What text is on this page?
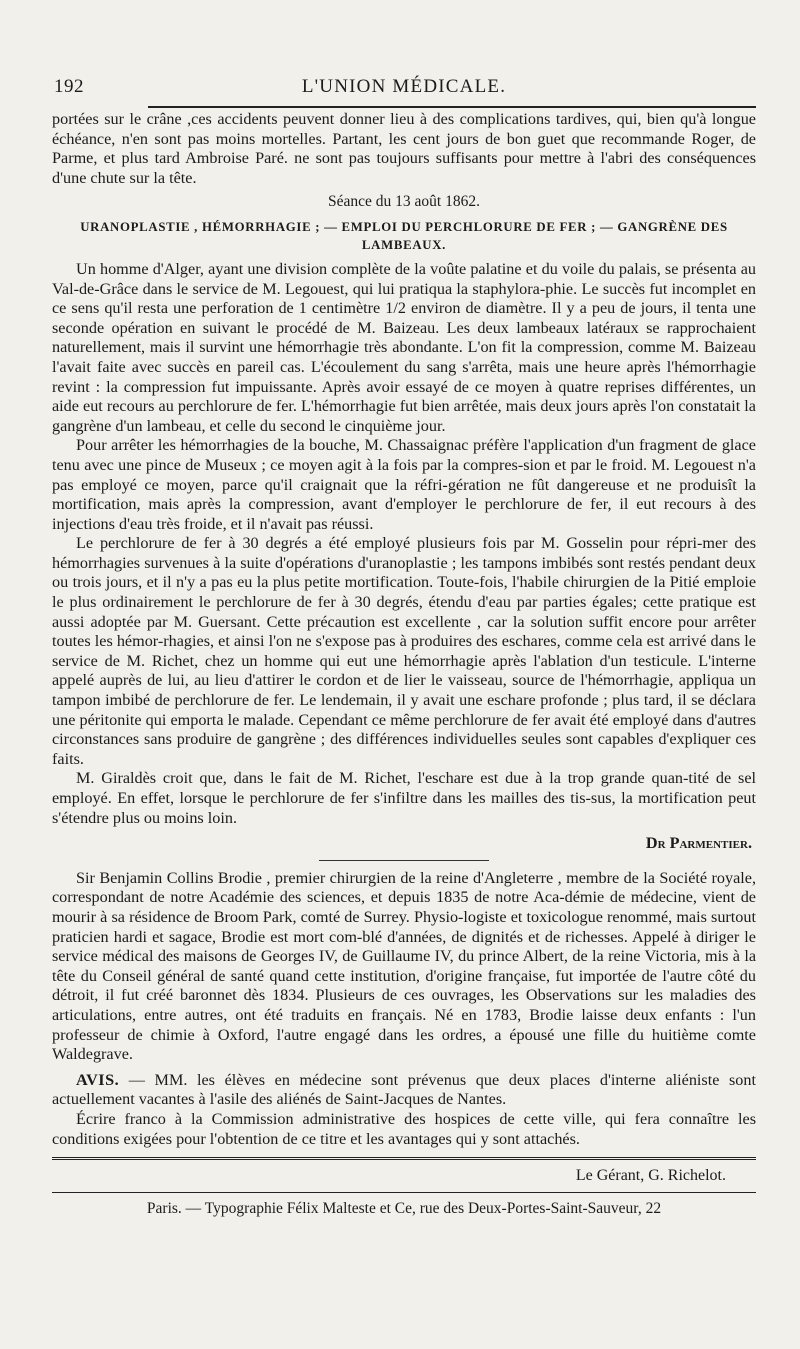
192	L'UNION MÉDICALE.

portées sur le crâne ,ces accidents peuvent donner lieu à des complications tardives, qui, bien qu'à longue échéance, n'en sont pas moins mortelles. Partant, les cent jours de bon guet que recommande Roger, de Parme, et plus tard Ambroise Paré. ne sont pas toujours suffisants pour mettre à l'abri des conséquences d'une chute sur la tête.

Séance du 13 août 1862.
URANOPLASTIE , HÉMORRHAGIE ; — EMPLOI DU PERCHLORURE DE FER ; — GANGRÈNE DES LAMBEAUX.

Un homme d'Alger, ayant une division complète de la voûte palatine et du voile du palais, se présenta au Val-de-Grâce dans le service de M. Legouest, qui lui pratiqua la staphylora-phie. Le succès fut incomplet en ce sens qu'il resta une perforation de 1 centimètre 1/2 environ de diamètre. Il y a peu de jours, il tenta une seconde opération en suivant le procédé de M. Baizeau. Les deux lambeaux latéraux se rapprochaient naturellement, mais il survint une hémorrhagie très abondante. L'on fit la compression, comme M. Baizeau l'avait faite avec succès en pareil cas. L'écoulement du sang s'arrêta, mais une heure après l'hémorrhagie revint : la compression fut impuissante. Après avoir essayé de ce moyen à quatre reprises différentes, un aide eut recours au perchlorure de fer. L'hémorrhagie fut bien arrêtée, mais deux jours après l'on constatait la gangrène d'un lambeau, et celle du second le cinquième jour.

Pour arrêter les hémorrhagies de la bouche, M. Chassaignac préfère l'application d'un fragment de glace tenu avec une pince de Museux ; ce moyen agit à la fois par la compres-sion et par le froid. M. Legouest n'a pas employé ce moyen, parce qu'il craignait que la réfri-gération ne fût dangereuse et ne produisît la mortification, mais après la compression, avant d'employer le perchlorure de fer, il eut recours à des injections d'eau très froide, et il n'avait pas réussi.

Le perchlorure de fer à 30 degrés a été employé plusieurs fois par M. Gosselin pour répri-mer des hémorrhagies survenues à la suite d'opérations d'uranoplastie ; les tampons imbibés sont restés pendant deux ou trois jours, et il n'y a pas eu la plus petite mortification. Toute-fois, l'habile chirurgien de la Pitié emploie le plus ordinairement le perchlorure de fer à 30 degrés, étendu d'eau par parties égales; cette pratique est aussi adoptée par M. Guersant. Cette précaution est excellente , car la solution suffit encore pour arrêter toutes les hémor-rhagies, et ainsi l'on ne s'expose pas à produires des eschares, comme cela est arrivé dans le service de M. Richet, chez un homme qui eut une hémorrhagie après l'ablation d'un testicule. L'interne appelé auprès de lui, au lieu d'attirer le cordon et de lier le vaisseau, source de l'hémorrhagie, appliqua un tampon imbibé de perchlorure de fer. Le lendemain, il y avait une eschare profonde ; plus tard, il se déclara une péritonite qui emporta le malade. Cependant ce même perchlorure de fer avait été employé dans d'autres circonstances sans produire de gangrène ; des différences individuelles seules sont capables d'expliquer ces faits.

M. Giraldès croit que, dans le fait de M. Richet, l'eschare est due à la trop grande quan-tité de sel employé. En effet, lorsque le perchlorure de fer s'infiltre dans les mailles des tis-sus, la mortification peut s'étendre plus ou moins loin.

Dr Parmentier.

Sir Benjamin Collins Brodie , premier chirurgien de la reine d'Angleterre , membre de la Société royale, correspondant de notre Académie des sciences, et depuis 1835 de notre Aca-démie de médecine, vient de mourir à sa résidence de Broom Park, comté de Surrey. Physio-logiste et toxicologue renommé, mais surtout praticien hardi et sagace, Brodie est mort com-blé d'années, de dignités et de richesses. Appelé à diriger le service médical des maisons de Georges IV, de Guillaume IV, du prince Albert, de la reine Victoria, mis à la tête du Conseil général de santé quand cette institution, d'origine française, fut importée de l'autre côté du détroit, il fut créé baronnet dès 1834. Plusieurs de ces ouvrages, les Observations sur les maladies des articulations, entre autres, ont été traduits en français. Né en 1783, Brodie laisse deux enfants : l'un professeur de chimie à Oxford, l'autre engagé dans les ordres, a épousé une fille du huitième comte Waldegrave.

AVIS. — MM. les élèves en médecine sont prévenus que deux places d'interne aliéniste sont actuellement vacantes à l'asile des aliénés de Saint-Jacques de Nantes.

Écrire franco à la Commission administrative des hospices de cette ville, qui fera connaître les conditions exigées pour l'obtention de ce titre et les avantages qui y sont attachés.

Le Gérant, G. Richelot.
Paris. — Typographie Félix Malteste et Ce, rue des Deux-Portes-Saint-Sauveur, 22
